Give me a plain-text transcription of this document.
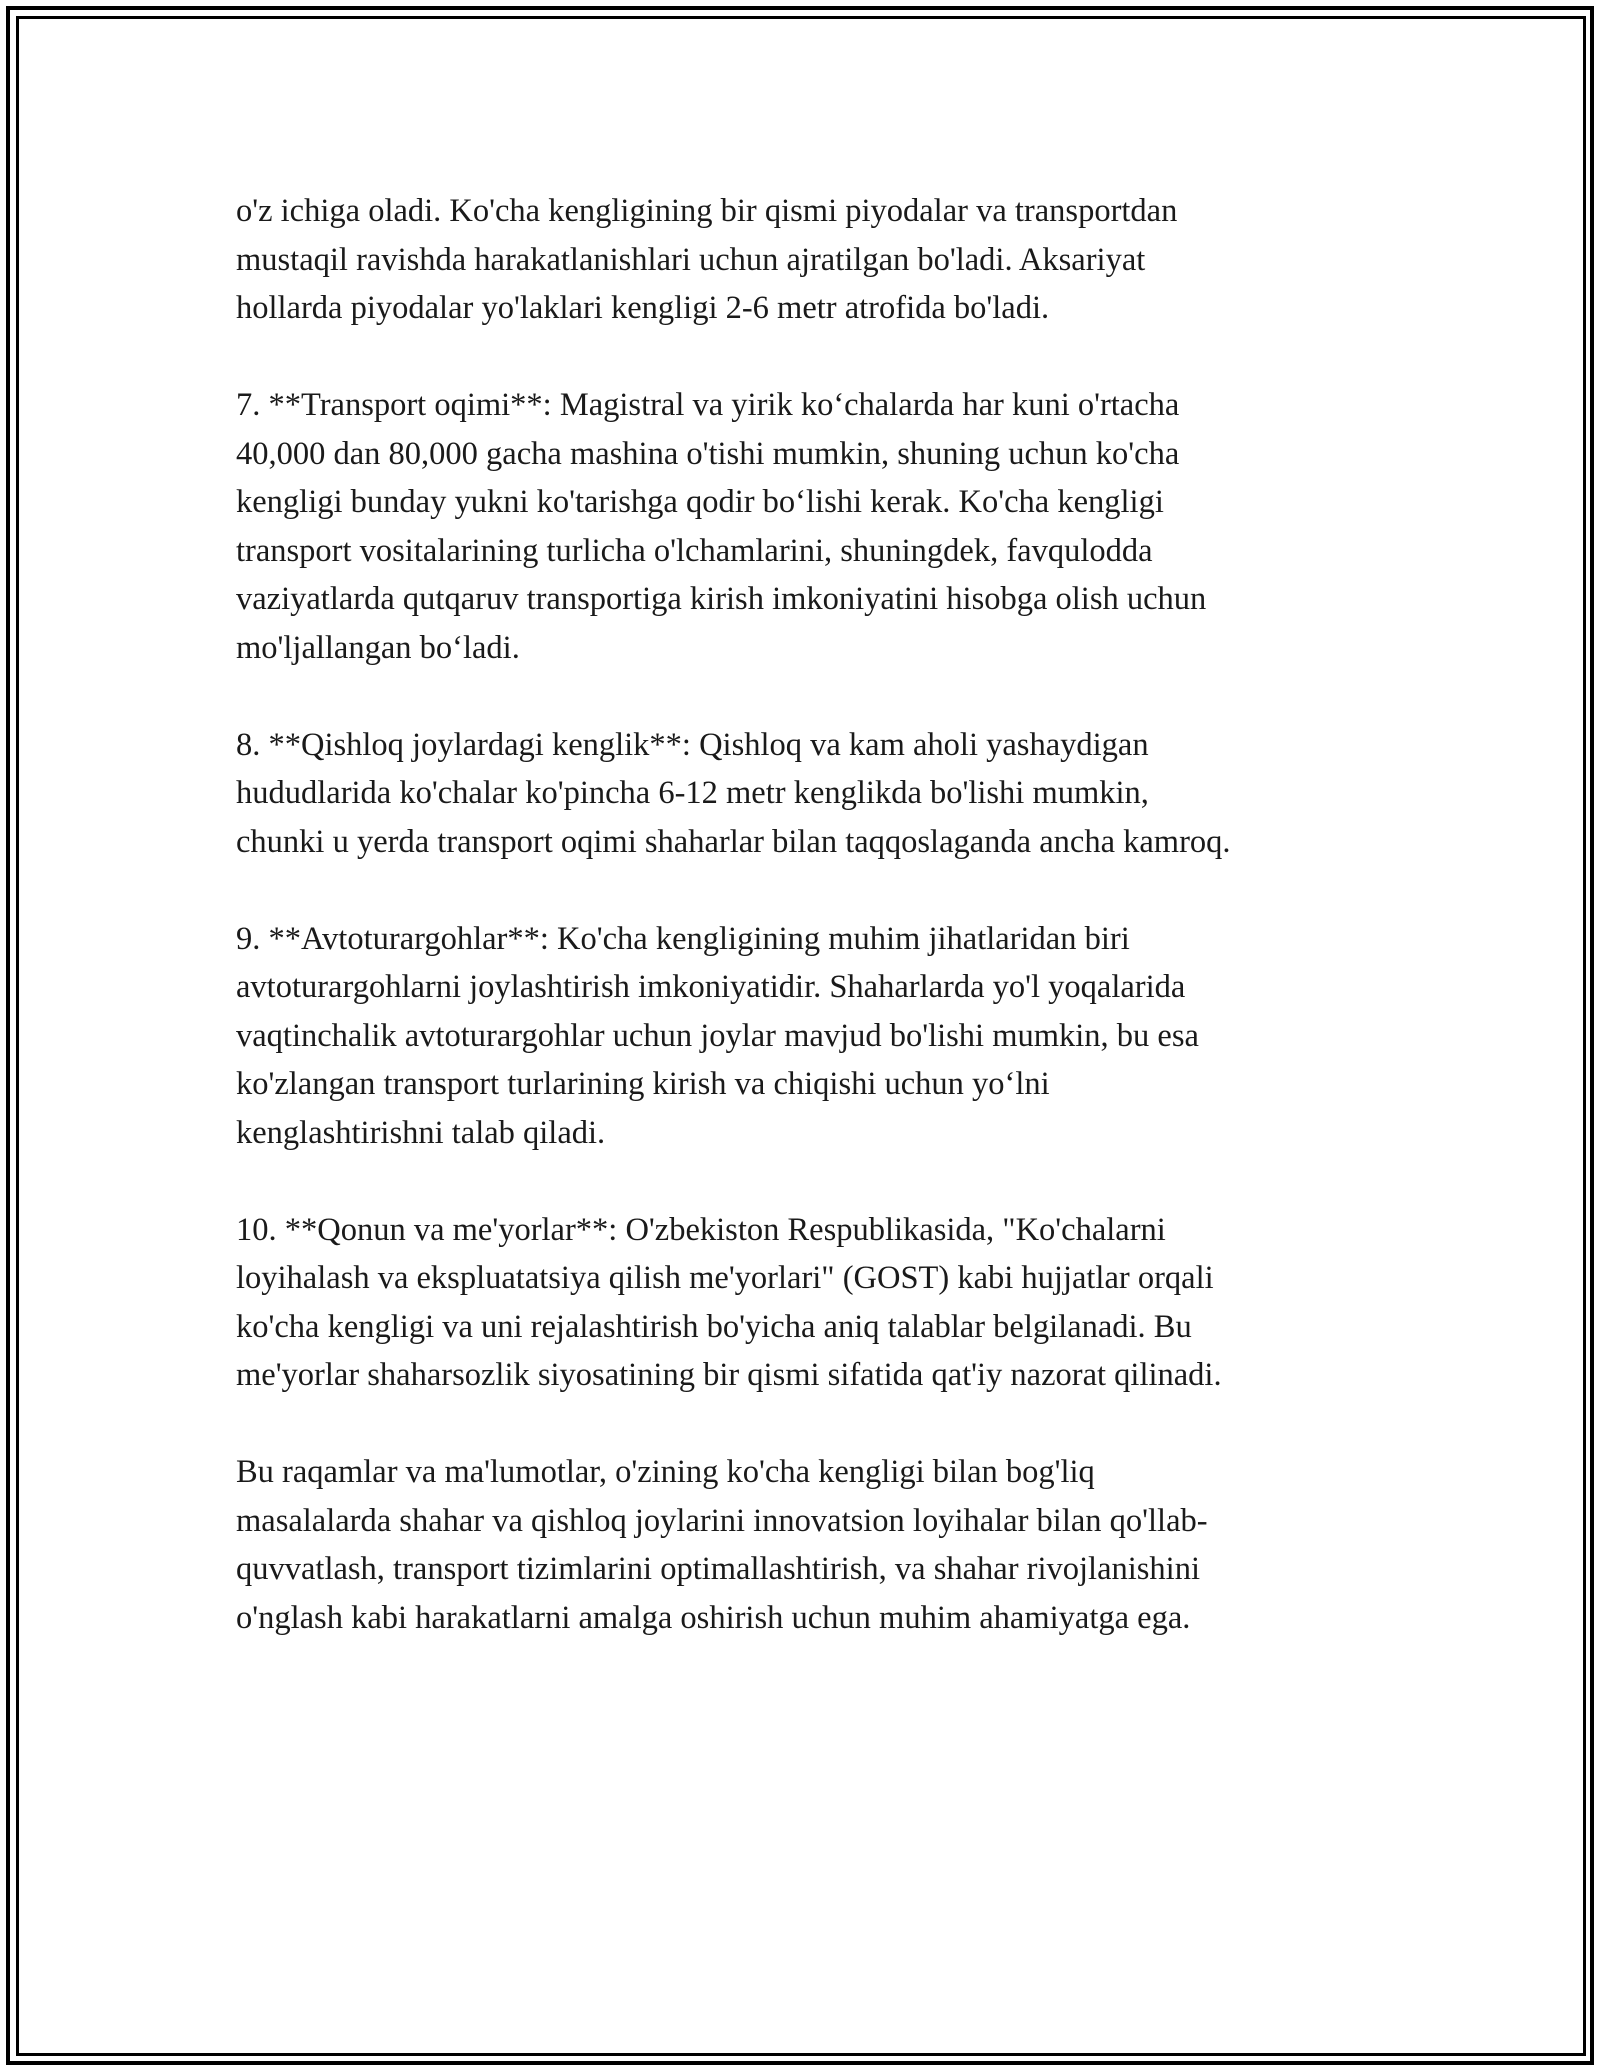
o'z ichiga oladi. Ko'cha kengligining bir qismi piyodalar va transportdan
mustaqil ravishda harakatlanishlari uchun ajratilgan bo'ladi. Aksariyat
hollarda piyodalar yo'laklari kengligi 2-6 metr atrofida bo'ladi.

7. **Transport oqimi**: Magistral va yirik ko‘chalarda har kuni o'rtacha
40,000 dan 80,000 gacha mashina o'tishi mumkin, shuning uchun ko'cha
kengligi bunday yukni ko'tarishga qodir bo‘lishi kerak. Ko'cha kengligi
transport vositalarining turlicha o'lchamlarini, shuningdek, favqulodda
vaziyatlarda qutqaruv transportiga kirish imkoniyatini hisobga olish uchun
mo'ljallangan bo‘ladi.

8. **Qishloq joylardagi kenglik**: Qishloq va kam aholi yashaydigan
hududlarida ko'chalar ko'pincha 6-12 metr kenglikda bo'lishi mumkin,
chunki u yerda transport oqimi shaharlar bilan taqqoslaganda ancha kamroq.

9. **Avtoturargohlar**: Ko'cha kengligining muhim jihatlaridan biri
avtoturargohlarni joylashtirish imkoniyatidir. Shaharlarda yo'l yoqalarida
vaqtinchalik avtoturargohlar uchun joylar mavjud bo'lishi mumkin, bu esa
ko'zlangan transport turlarining kirish va chiqishi uchun yo‘lni
kenglashtirishni talab qiladi.

10. **Qonun va me'yorlar**: O'zbekiston Respublikasida, "Ko'chalarni
loyihalash va ekspluatatsiya qilish me'yorlari" (GOST) kabi hujjatlar orqali
ko'cha kengligi va uni rejalashtirish bo'yicha aniq talablar belgilanadi. Bu
me'yorlar shaharsozlik siyosatining bir qismi sifatida qat'iy nazorat qilinadi.

Bu raqamlar va ma'lumotlar, o'zining ko'cha kengligi bilan bog'liq
masalalarda shahar va qishloq joylarini innovatsion loyihalar bilan qo'llab-
quvvatlash, transport tizimlarini optimallashtirish, va shahar rivojlanishini
o'nglash kabi harakatlarni amalga oshirish uchun muhim ahamiyatga ega.
